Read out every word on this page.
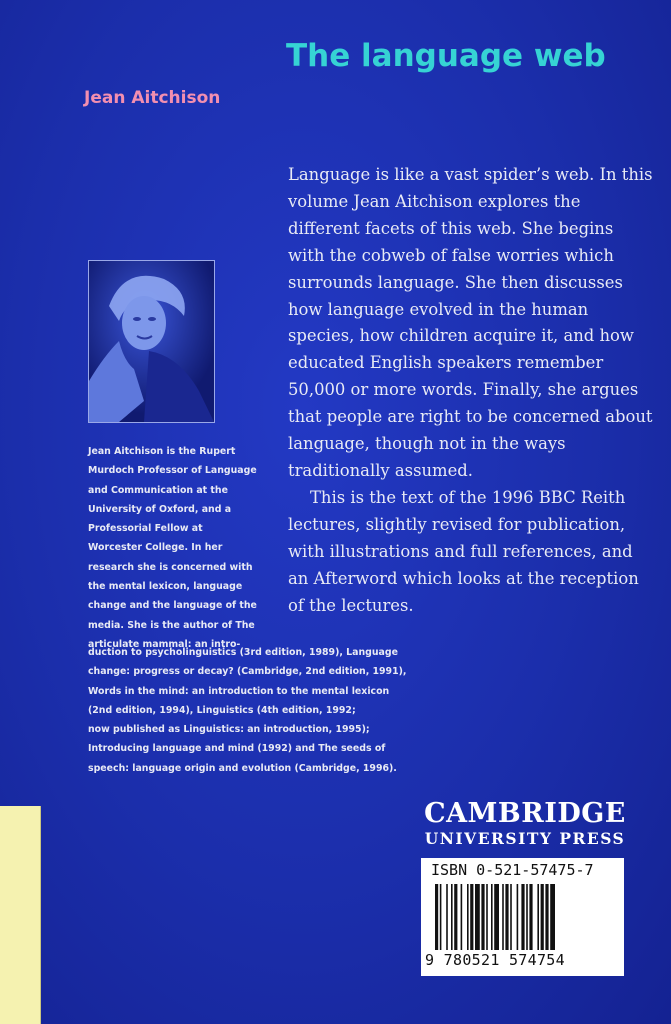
The language web
Jean Aitchison

Language is like a vast spider’s web. In this volume Jean Aitchison explores the different facets of this web. She begins with the cobweb of false worries which surrounds language. She then discusses how language evolved in the human species, how children acquire it, and how educated English speakers remember 50,000 or more words. Finally, she argues that people are right to be concerned about language, though not in the ways traditionally assumed.

This is the text of the 1996 BBC Reith lectures, slightly revised for publication, with illustrations and full references, and an Afterword which looks at the reception of the lectures.

Jean Aitchison is the Rupert
Murdoch Professor of Language
and Communication at the
University of Oxford, and a
Professorial Fellow at
Worcester College. In her
research she is concerned with
the mental lexicon, language
change and the language of the
media. She is the author of The
articulate mammal: an intro-
duction to psycholinguistics (3rd edition, 1989), Language
change: progress or decay? (Cambridge, 2nd edition, 1991),
Words in the mind: an introduction to the mental lexicon
(2nd edition, 1994), Linguistics (4th edition, 1992;
now published as Linguistics: an introduction, 1995);
Introducing language and mind (1992) and The seeds of
speech: language origin and evolution (Cambridge, 1996).
CAMBRIDGE
UNIVERSITY PRESS
ISBN 0-521-57475-7
9 780521 574754
